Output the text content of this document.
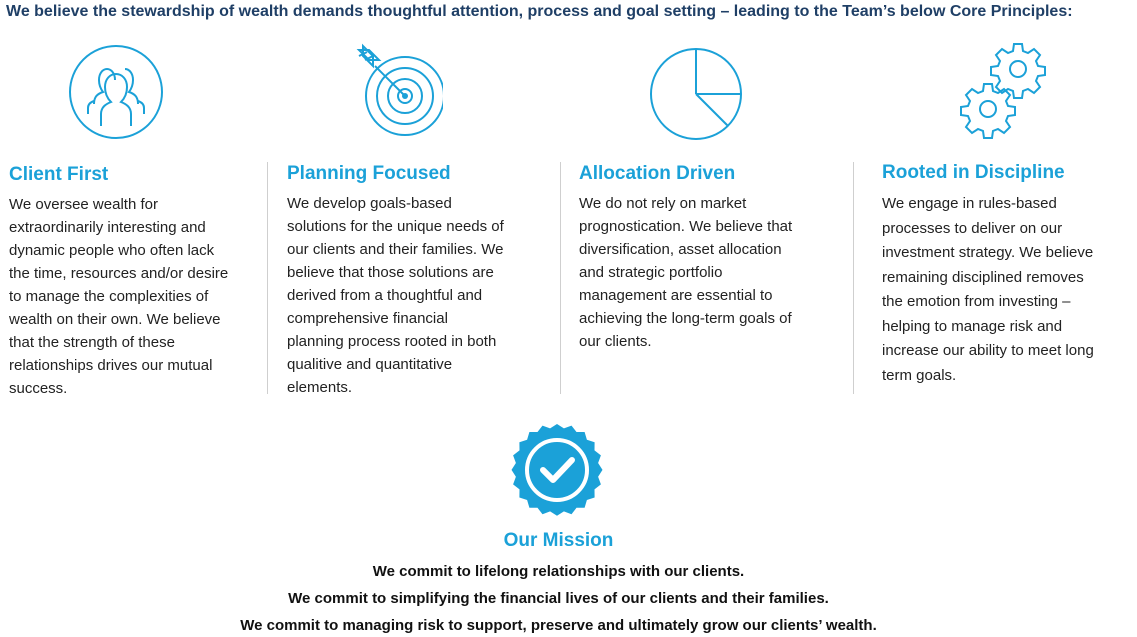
We believe the stewardship of wealth demands thoughtful attention, process and goal setting – leading to the Team’s below Core Principles:
Client First	Planning Focused	Allocation Driven	Rooted in Discipline
We oversee wealth for
extraordinarily interesting and
dynamic people who often lack
the time, resources and/or desire
to manage the complexities of
wealth on their own. We believe
that the strength of these
relationships drives our mutual
success.
We develop goals-based
solutions for the unique needs of
our clients and their families. We
believe that those solutions are
derived from a thoughtful and
comprehensive financial
planning process rooted in both
qualitive and quantitative
elements.
We do not rely on market
prognostication. We believe that
diversification, asset allocation
and strategic portfolio
management are essential to
achieving the long-term goals of
our clients.
We engage in rules-based
processes to deliver on our
investment strategy. We believe
remaining disciplined removes
the emotion from investing –
helping to manage risk and
increase our ability to meet long
term goals.
Our Mission
We commit to lifelong relationships with our clients.
We commit to simplifying the financial lives of our clients and their families.
We commit to managing risk to support, preserve and ultimately grow our clients’ wealth.
